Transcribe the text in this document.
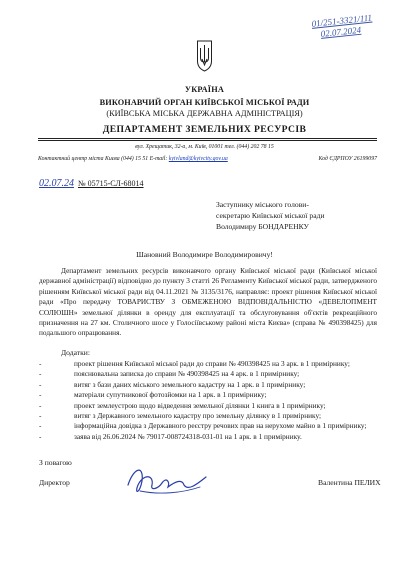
01/251-3321/111
02.07.2024
УКРАЇНА
ВИКОНАВЧИЙ ОРГАН КИЇВСЬКОЇ МІСЬКОЇ РАДИ
(КИЇВСЬКА МІСЬКА ДЕРЖАВНА АДМІНІСТРАЦІЯ)
ДЕПАРТАМЕНТ ЗЕМЕЛЬНИХ РЕСУРСІВ
вул. Хрещатик, 32-а, м. Київ, 01001 тел. (044) 202 78 15
Контактний центр міста Києва (044) 15 51 E-mail: kyivland@kyivcity.gov.ua	Код ЄДРПОУ 26199097
02.07.24 № 05715-СЛ-68014
Заступнику міського голови-
секретарю Київської міської ради
Володимиру БОНДАРЕНКУ
Шановний Володимире Володимировичу!
Департамент земельних ресурсів виконавчого органу Київської міської ради (Київської міської державної адміністрації) відповідно до пункту 3 статті 26 Регламенту Київської міської ради, затвердженого рішенням Київської міської ради від 04.11.2021 № 3135/3176, направляє: проект рішення Київської міської ради «Про передачу ТОВАРИСТВУ З ОБМЕЖЕНОЮ ВІДПОВІДАЛЬНІСТЮ «ДЕВЕЛОПМЕНТ СОЛЮШН» земельної ділянки в оренду для експлуатації та обслуговування об'єктів рекреаційного призначення на 27 км. Столичного шосе у Голосіївському районі міста Києва» (справа № 490398425) для подальшого опрацювання.
Додатки:
- проект рішення Київської міської ради до справи № 490398425 на 3 арк. в 1 примірнику;
- пояснювальна записка до справи № 490398425 на 4 арк. в 1 примірнику;
- витяг з бази даних міського земельного кадастру на 1 арк. в 1 примірнику;
- матеріали супутникової фотозйомки на 1 арк. в 1 примірнику;
- проект землеустрою щодо відведення земельної ділянки 1 книга в 1 примірнику;
- витяг з Державного земельного кадастру про земельну ділянку в 1 примірнику;
- інформаційна довідка з Державного реєстру речових прав на нерухоме майно в 1 примірнику;
- заява від 26.06.2024 № 79017-008724318-031-01 на 1 арк. в 1 примірнику.
З повагою
Директор	Валентина ПЕЛИХ
